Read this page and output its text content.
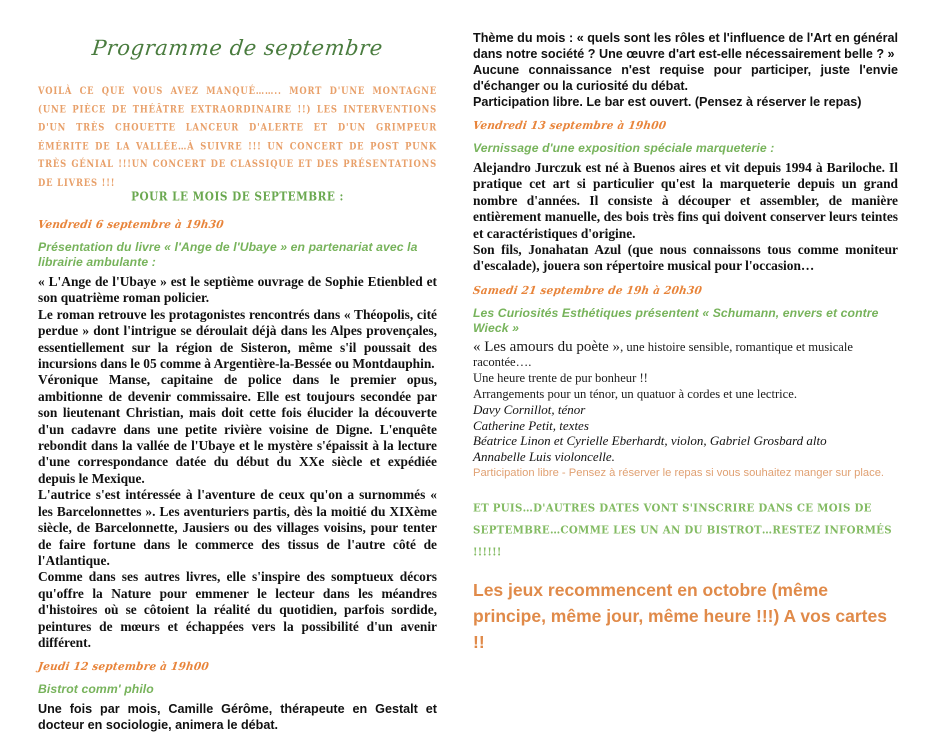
Programme de septembre
VOILÀ CE QUE VOUS AVEZ MANQUÉ…….. MORT D'UNE MONTAGNE (UNE PIÈCE DE THÉÂTRE EXTRAORDINAIRE !!) LES INTERVENTIONS D'UN TRÈS CHOUETTE LANCEUR D'ALERTE ET D'UN GRIMPEUR ÉMÉRITE DE LA VALLÉE…À SUIVRE !!! UN CONCERT DE POST PUNK TRÈS GÉNIAL !!!UN CONCERT DE CLASSIQUE ET DES PRÉSENTATIONS DE LIVRES !!!
POUR LE MOIS DE SEPTEMBRE :
Vendredi 6 septembre à 19h30
Présentation du livre « l'Ange de l'Ubaye » en partenariat avec la librairie ambulante :

« L'Ange de l'Ubaye » est le septième ouvrage de Sophie Etienbled et son quatrième roman policier.

Le roman retrouve les protagonistes rencontrés dans « Théopolis, cité perdue » dont l'intrigue se déroulait déjà dans les Alpes provençales, essentiellement sur la région de Sisteron, même s'il poussait des incursions dans le 05 comme à Argentière-la-Bessée ou Montdauphin.

Véronique Manse, capitaine de police dans le premier opus, ambitionne de devenir commissaire. Elle est toujours secondée par son lieutenant Christian, mais doit cette fois élucider la découverte d'un cadavre dans une petite rivière voisine de Digne. L'enquête rebondit dans la vallée de l'Ubaye et le mystère s'épaissit à la lecture d'une correspondance datée du début du XXe siècle et expédiée depuis le Mexique.

L'autrice s'est intéressée à l'aventure de ceux qu'on a surnommés « les Barcelonnettes ». Les aventuriers partis, dès la moitié du XIXème siècle, de Barcelonnette, Jausiers ou des villages voisins, pour tenter de faire fortune dans le commerce des tissus de l'autre côté de l'Atlantique.

Comme dans ses autres livres, elle s'inspire des somptueux décors qu'offre la Nature pour emmener le lecteur dans les méandres d'histoires où se côtoient la réalité du quotidien, parfois sordide, peintures de mœurs et échappées vers la possibilité d'un avenir différent.

Jeudi 12 septembre à 19h00
Bistrot comm' philo

Une fois par mois, Camille Gérôme, thérapeute en Gestalt et docteur en sociologie, animera le débat.

Thème du mois : « quels sont les rôles et l'influence de l'Art en général dans notre société ? Une œuvre d'art est-elle nécessairement belle ? »

Aucune connaissance n'est requise pour participer, juste l'envie d'échanger ou la curiosité du débat.

Participation libre. Le bar est ouvert. (Pensez à réserver le repas)

Vendredi 13 septembre à 19h00
Vernissage d'une exposition spéciale marqueterie :

Alejandro Jurczuk est né à Buenos aires et vit depuis 1994 à Bariloche. Il pratique cet art si particulier qu'est la marqueterie depuis un grand nombre d'années. Il consiste à découper et assembler, de manière entièrement manuelle, des bois très fins qui doivent conserver leurs teintes et caractéristiques d'origine.

Son fils, Jonahatan Azul (que nous connaissons tous comme moniteur d'escalade), jouera son répertoire musical pour l'occasion…

Samedi 21 septembre de 19h à 20h30
Les Curiosités Esthétiques présentent « Schumann, envers et contre Wieck »

« Les amours du poète », une histoire sensible, romantique et musicale racontée….

Une heure trente de pur bonheur !!

Arrangements pour un ténor, un quatuor à cordes et une lectrice.

Davy Cornillot, ténor

Catherine Petit, textes

Béatrice Linon et Cyrielle Eberhardt, violon, Gabriel Grosbard alto

Annabelle Luis violoncelle.

Participation libre - Pensez à réserver le repas si vous souhaitez manger sur place.

ET PUIS…D'AUTRES DATES VONT S'INSCRIRE DANS CE MOIS DE SEPTEMBRE…COMME LES UN AN DU BISTROT…RESTEZ INFORMÉS !!!!!!
Les jeux recommencent en octobre (même principe, même jour, même heure !!!) A vos cartes !!
